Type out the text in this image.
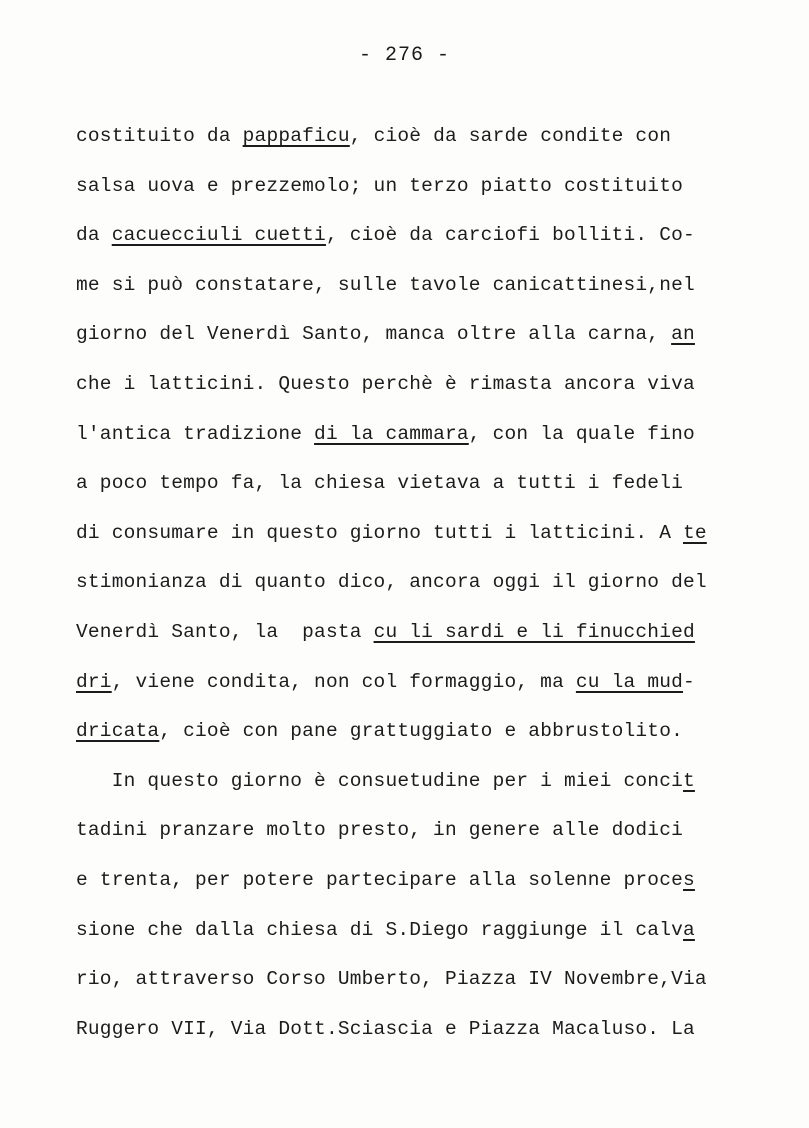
- 276 -
costituito da pappaficu, cioè da sarde condite con
salsa uova e prezzemolo; un terzo piatto costituito
da cacuecciuli cuetti, cioè da carciofi bolliti. Co-
me si può constatare, sulle tavole canicattinesi,nel
giorno del Venerdì Santo, manca oltre alla carna, an
che i latticini. Questo perchè è rimasta ancora viva
l'antica tradizione di la cammara, con la quale fino
a poco tempo fa, la chiesa vietava a tutti i fedeli
di consumare in questo giorno tutti i latticini. A te
stimonianza di quanto dico, ancora oggi il giorno del
Venerdì Santo, la  pasta cu li sardi e li finucchied
dri, viene condita, non col formaggio, ma cu la mud-
dricata, cioè con pane grattuggiato e abbrustolito.
In questo giorno è consuetudine per i miei concit
tadini pranzare molto presto, in genere alle dodici
e trenta, per potere partecipare alla solenne proces
sione che dalla chiesa di S.Diego raggiunge il calva
rio, attraverso Corso Umberto, Piazza IV Novembre,Via
Ruggero VII, Via Dott.Sciascia e Piazza Macaluso. La
